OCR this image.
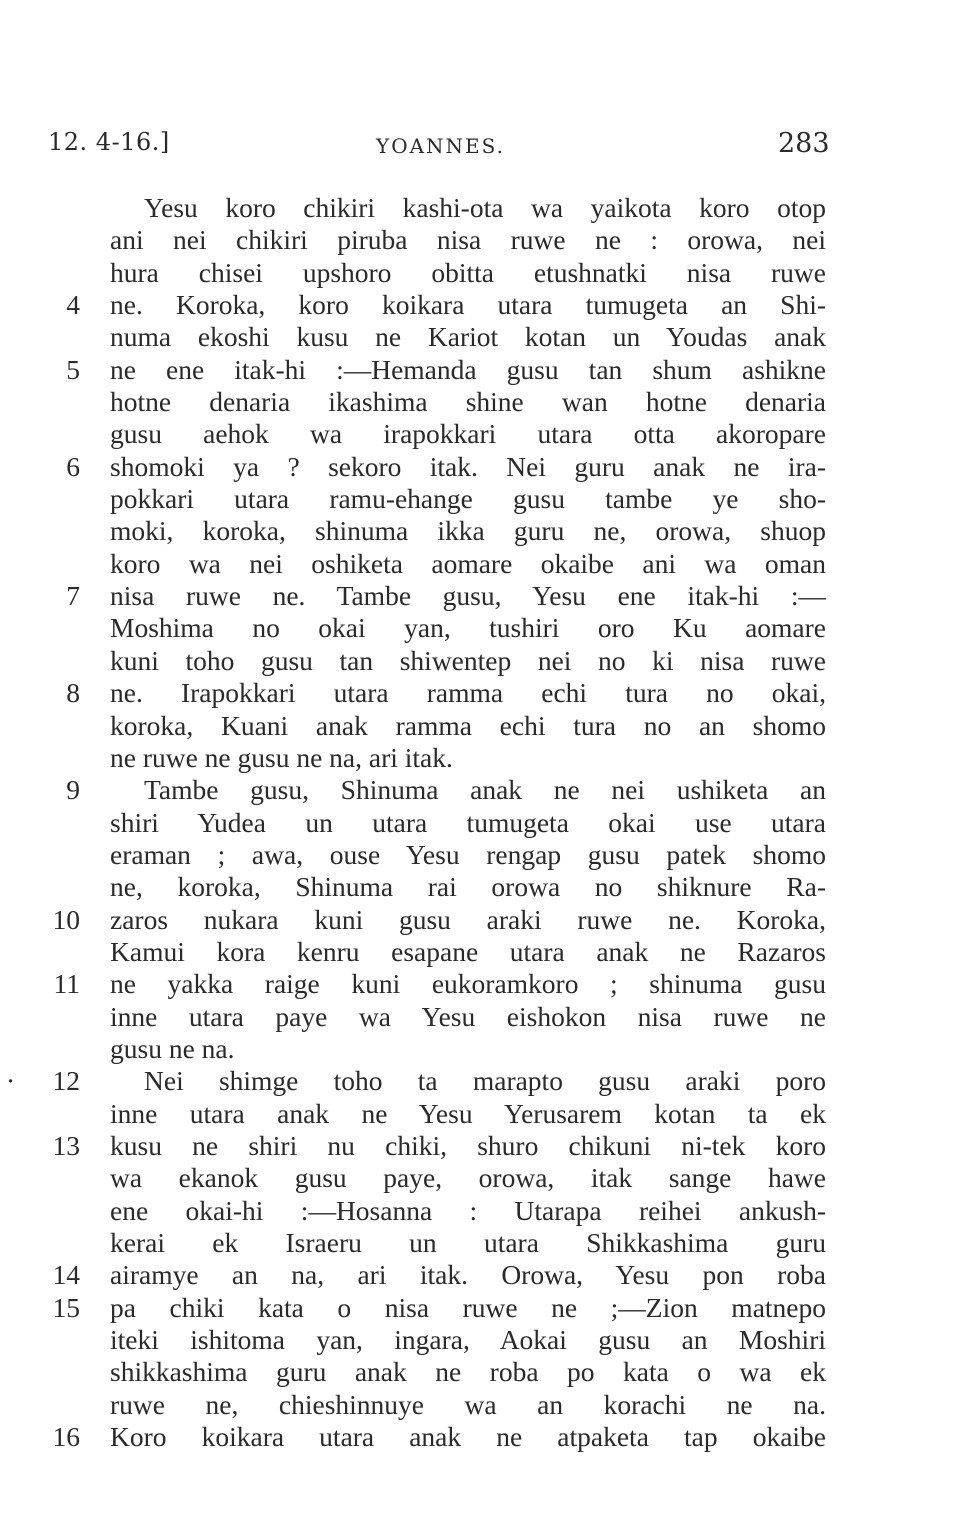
12. 4-16.]	YOANNES.	283
Yesu koro chikiri kashi-ota wa yaikota koro otop
ani nei chikiri piruba nisa ruwe ne : orowa, nei
hura chisei upshoro obitta etushnatki nisa ruwe
4 ne. Koroka, koro koikara utara tumugeta an Shi-
numa ekoshi kusu ne Kariot kotan un Youdas anak
5 ne ene itak-hi :—Hemanda gusu tan shum ashikne
hotne denaria ikashima shine wan hotne denaria
gusu aehok wa irapokkari utara otta akoropare
6 shomoki ya ? sekoro itak. Nei guru anak ne ira-
pokkari utara ramu-ehange gusu tambe ye sho-
moki, koroka, shinuma ikka guru ne, orowa, shuop
koro wa nei oshiketa aomare okaibe ani wa oman
7 nisa ruwe ne. Tambe gusu, Yesu ene itak-hi :—
Moshima no okai yan, tushiri oro Ku aomare
kuni toho gusu tan shiwentep nei no ki nisa ruwe
8 ne. Irapokkari utara ramma echi tura no okai,
koroka, Kuani anak ramma echi tura no an shomo
ne ruwe ne gusu ne na, ari itak.
9 Tambe gusu, Shinuma anak ne nei ushiketa an
shiri Yudea un utara tumugeta okai use utara
eraman ; awa, ouse Yesu rengap gusu patek shomo
ne, koroka, Shinuma rai orowa no shiknure Ra-
10 zaros nukara kuni gusu araki ruwe ne. Koroka,
Kamui kora kenru esapane utara anak ne Razaros
11 ne yakka raige kuni eukoramkoro ; shinuma gusu
inne utara paye wa Yesu eishokon nisa ruwe ne
gusu ne na.
·	12 Nei shimge toho ta marapto gusu araki poro
inne utara anak ne Yesu Yerusarem kotan ta ek
13 kusu ne shiri nu chiki, shuro chikuni ni-tek koro
wa ekanok gusu paye, orowa, itak sange hawe
ene okai-hi :—Hosanna : Utarapa reihei ankush-
kerai ek Israeru un utara Shikkashima guru
14 airamye an na, ari itak. Orowa, Yesu pon roba
15 pa chiki kata o nisa ruwe ne ;—Zion matnepo
iteki ishitoma yan, ingara, Aokai gusu an Moshiri
shikkashima guru anak ne roba po kata o wa ek
ruwe ne, chieshinnuye wa an korachi ne na.
16 Koro koikara utara anak ne atpaketa tap okaibe
